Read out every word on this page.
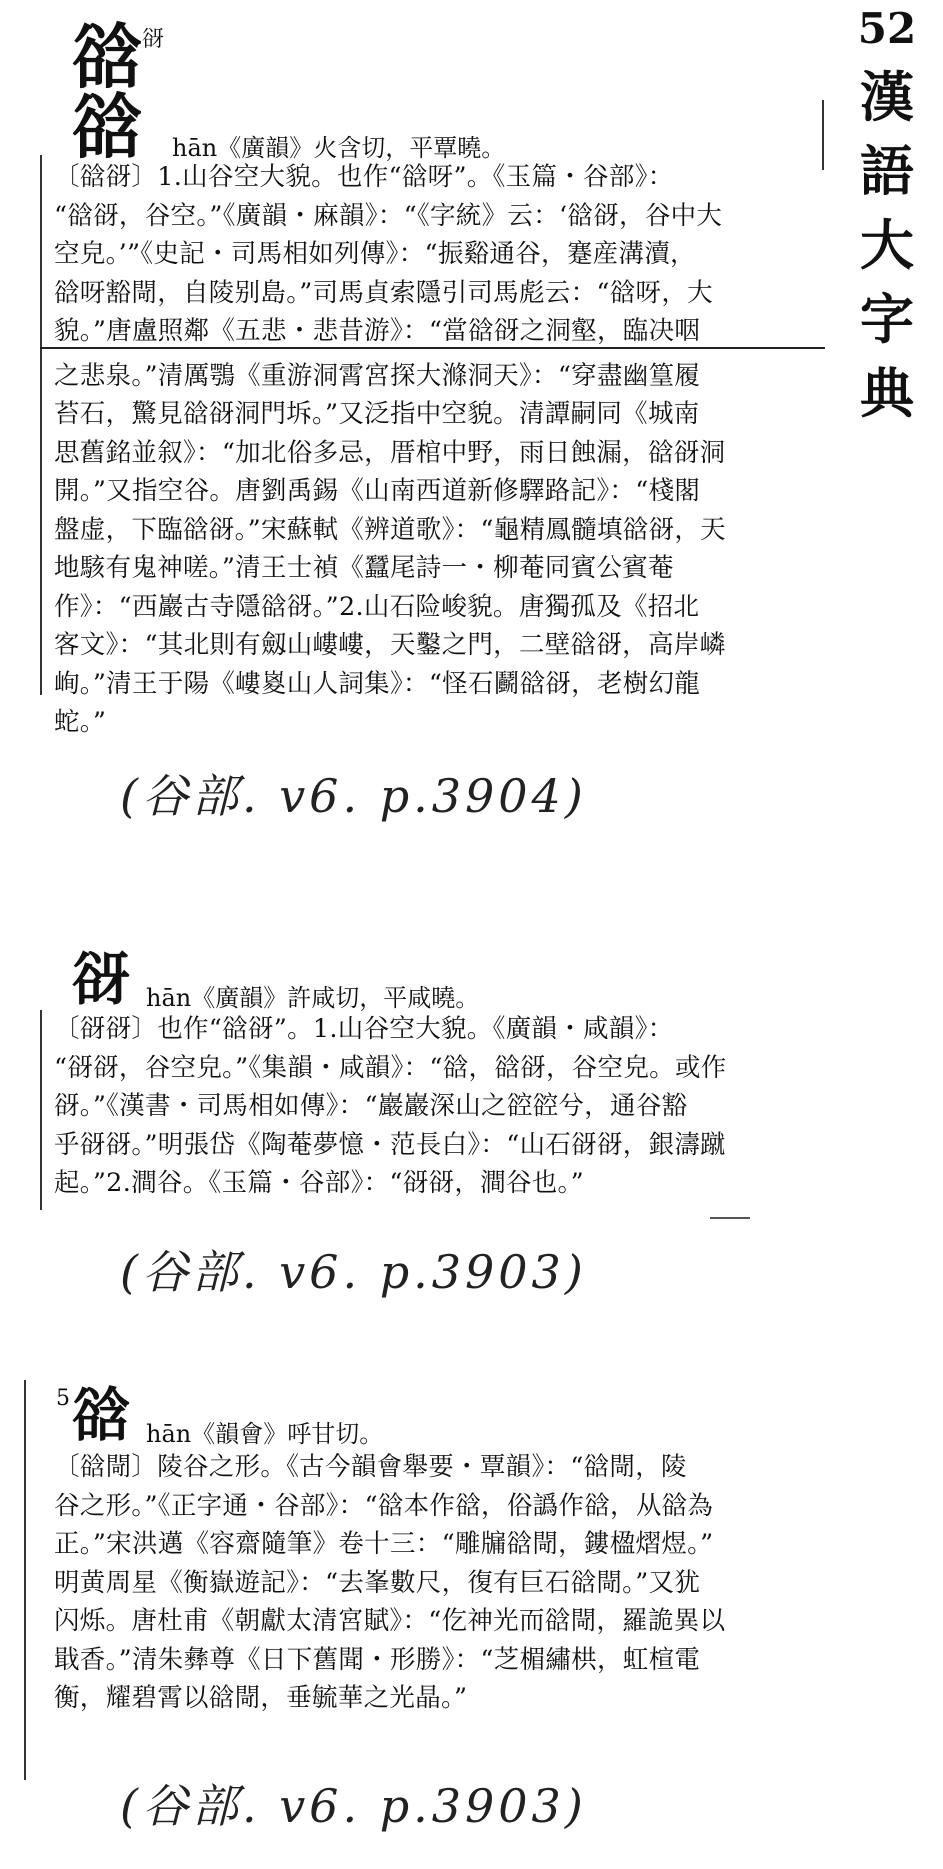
52
漢
語
大
字
典
谽 谺
谽 hān《廣韻》火含切，平覃曉。

〔谽谺〕1.山谷空大貌。也作“谽呀”。《玉篇・谷部》：

“谽谺，谷空。”《廣韻・麻韻》：“《字統》云：‘谽谺，谷中大

空皃。’”《史記・司馬相如列傳》：“振谿通谷，蹇産溝瀆，

谽呀豁閜，自陵别島。”司馬貞索隱引司馬彪云：“谽呀，大

貌。”唐盧照鄰《五悲・悲昔游》：“當谽谺之洞壑，臨决咽

之悲泉。”清厲鶚《重游洞霄宮探大滌洞天》：“穿盡幽篁履

苔石，驚見谽谺洞門坼。”又泛指中空貌。清譚嗣同《城南

思舊銘並叙》：“加北俗多忌，厝棺中野，雨日蝕漏，谽谺洞

開。”又指空谷。唐劉禹錫《山南西道新修驛路記》：“棧閣

盤虚，下臨谽谺。”宋蘇軾《辨道歌》：“龜精鳳髓填谽谺，天

地駭有鬼神嗟。”清王士禎《蠶尾詩一・柳菴同賓公賓菴

作》：“西巖古寺隱谽谺。”2.山石险峻貌。唐獨孤及《招北

客文》：“其北則有劔山嶁嶁，天鑿之門，二壁谽谺，高岸嶙

峋。”清王于陽《嶁嵏山人詞集》：“怪石鬬谽谺，老樹幻龍

蛇。”

(谷部. v6. p.3904)
谺 hān《廣韻》許咸切，平咸曉。

〔谺谺〕也作“谽谺”。1.山谷空大貌。《廣韻・咸韻》：

“谺谺，谷空皃。”《集韻・咸韻》：“谽，谽谺，谷空皃。或作

谺。”《漢書・司馬相如傳》：“巖巖深山之谾谾兮，通谷豁

乎谺谺。”明張岱《陶菴夢憶・范長白》：“山石谺谺，銀濤蹴

起。”2.澗谷。《玉篇・谷部》：“谺谺，澗谷也。”

(谷部. v6. p.3903)
5 谽 hān《韻會》呼甘切。

〔谽閜〕陵谷之形。《古今韻會舉要・覃韻》：“谽閜，陵

谷之形。”《正字通・谷部》：“谽本作谽，俗譌作谽，从谽為

正。”宋洪邁《容齋隨筆》卷十三：“雕牖谽閜，鏤楹熠煜。”

明黄周星《衡嶽遊記》：“去峯數尺，復有巨石谽閜。”又犹

闪烁。唐杜甫《朝獻太清宮賦》：“仡神光而谽閜，羅詭異以

戢香。”清朱彝尊《日下舊聞・形勝》：“芝楣繡栱，虹楦電

衡，耀碧霄以谽閜，垂毓華之光晶。”

(谷部. v6. p.3903)
